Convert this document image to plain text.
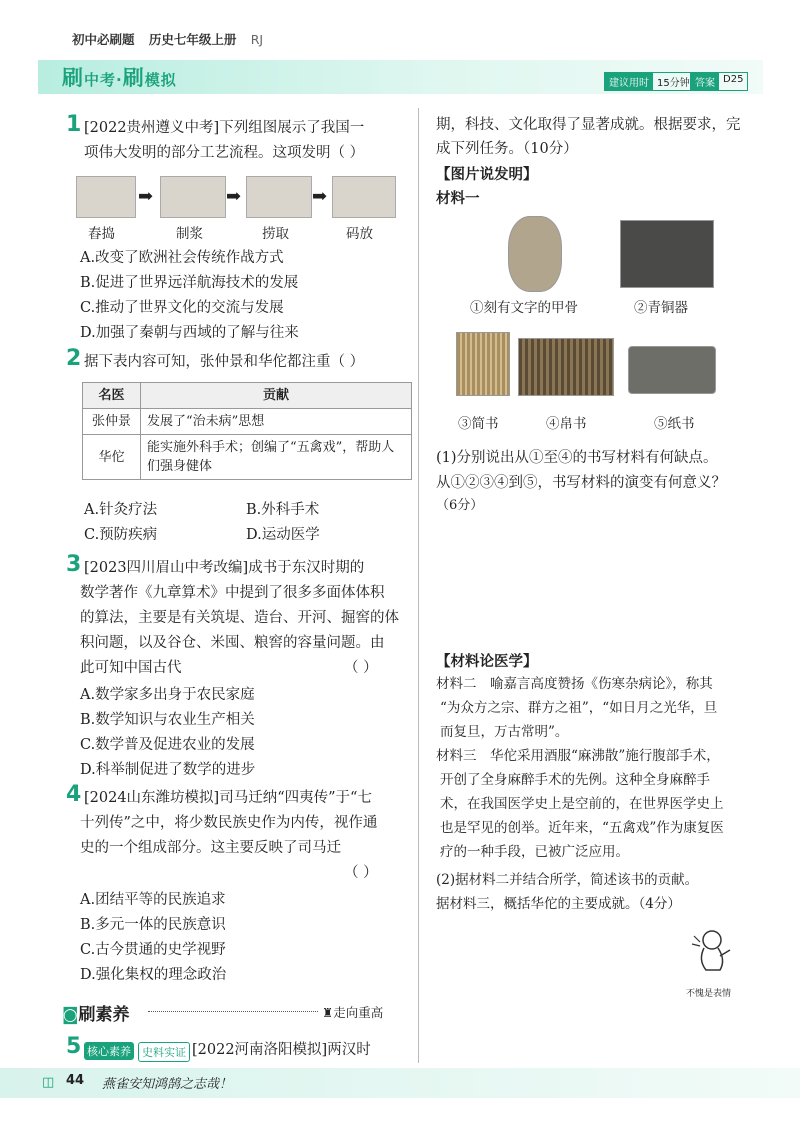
初中必刷题 历史七年级上册 RJ
刷中考·刷模拟	建议用时 15分钟 答案 D25
1 [2022贵州遵义中考]下列组图展示了我国一
项伟大发明的部分工艺流程。这项发明（ ）
➡	➡	➡
舂捣	制浆	捞取	码放
A.改变了欧洲社会传统作战方式
B.促进了世界远洋航海技术的发展
C.推动了世界文化的交流与发展
D.加强了秦朝与西域的了解与往来
2 据下表内容可知，张仲景和华佗都注重（ ）
名医	贡献
张仲景	发展了“治未病”思想
华佗	能实施外科手术；创编了“五禽戏”，帮助人们强身健体
A.针灸疗法	B.外科手术
C.预防疾病	D.运动医学
3 [2023四川眉山中考改编]成书于东汉时期的
数学著作《九章算术》中提到了很多多面体体积
的算法，主要是有关筑堤、造台、开河、掘窖的体
积问题，以及谷仓、米囤、粮窖的容量问题。由
此可知中国古代	（ ）
A.数学家多出身于农民家庭
B.数学知识与农业生产相关
C.数学普及促进农业的发展
D.科举制促进了数学的进步
4 [2024山东潍坊模拟]司马迁纳“四夷传”于“七
十列传”之中，将少数民族史作为内传，视作通
史的一个组成部分。这主要反映了司马迁
（ ）
A.团结平等的民族追求
B.多元一体的民族意识
C.古今贯通的史学视野
D.强化集权的理念政治
◙刷素养	♜走向重高
5 核心素养	史料实证 [2022河南洛阳模拟]两汉时
期，科技、文化取得了显著成就。根据要求，完
成下列任务。（10分）
【图片说发明】
材料一
①刻有文字的甲骨	②青铜器
③简书	④帛书	⑤纸书
(1)分别说出从①至④的书写材料有何缺点。
从①②③④到⑤，书写材料的演变有何意义？
（6分）
【材料论医学】
材料二　喻嘉言高度赞扬《伤寒杂病论》，称其
“为众方之宗、群方之祖”，“如日月之光华，旦
而复旦，万古常明”。
材料三　华佗采用酒服“麻沸散”施行腹部手术，
开创了全身麻醉手术的先例。这种全身麻醉手
术，在我国医学史上是空前的，在世界医学史上
也是罕见的创举。近年来，“五禽戏”作为康复医
疗的一种手段，已被广泛应用。
(2)据材料二并结合所学，简述该书的贡献。
据材料三，概括华佗的主要成就。（4分）
不愧是表情
◫ 44 燕雀安知鸿鹄之志哉！
